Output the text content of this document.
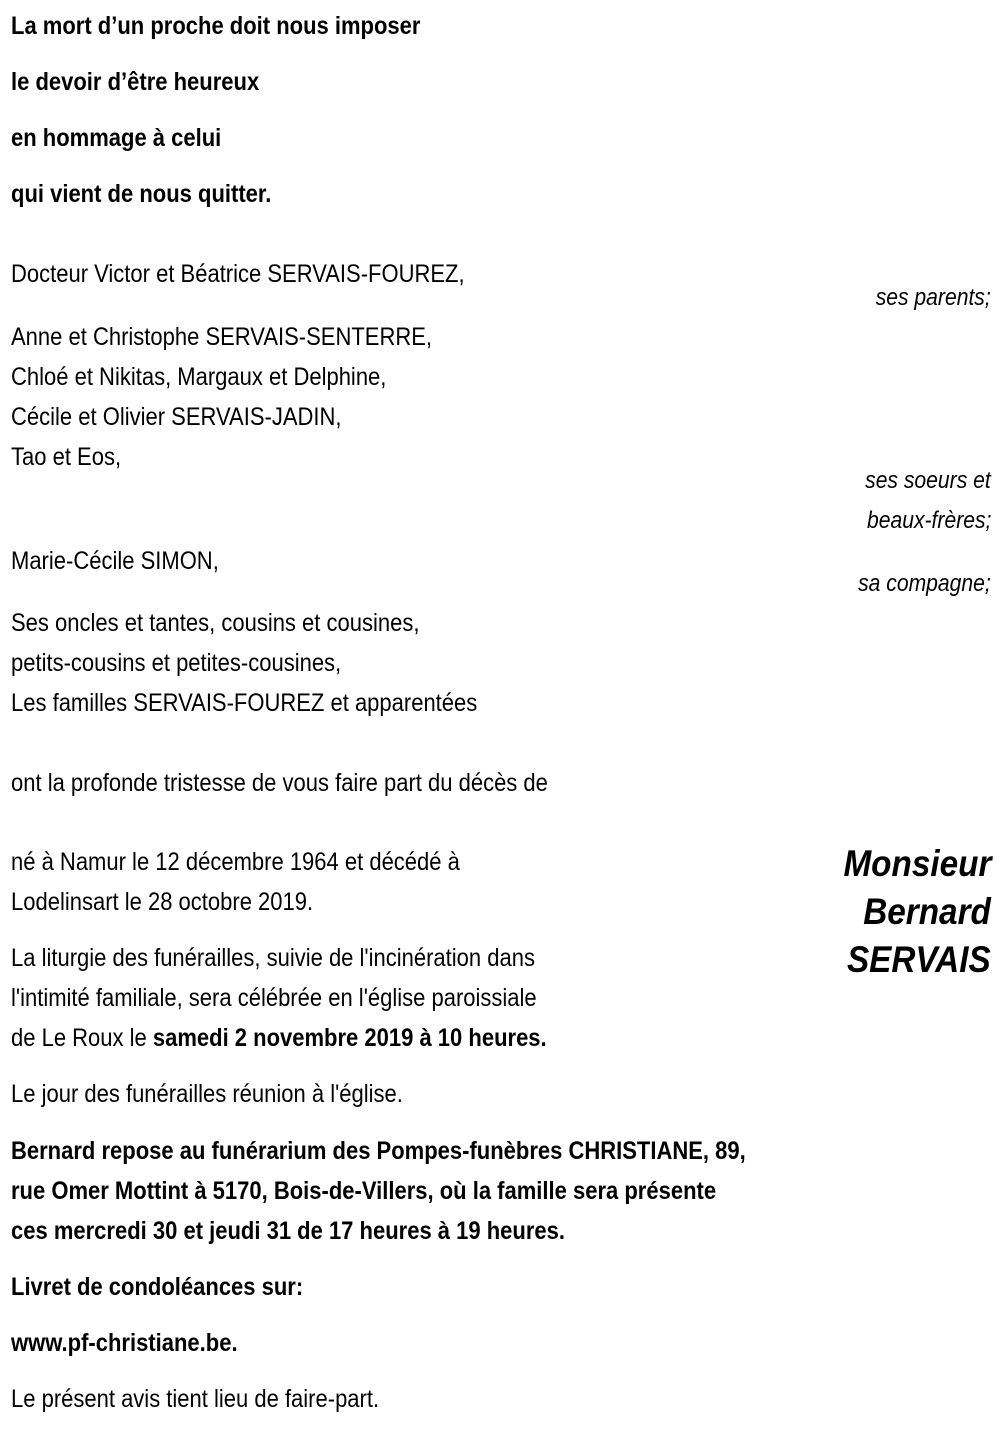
La mort d’un proche doit nous imposer
le devoir d’être heureux
en hommage à celui
qui vient de nous quitter.
Docteur Victor et Béatrice SERVAIS-FOUREZ,
ses parents;
Anne et Christophe SERVAIS-SENTERRE,
Chloé et Nikitas, Margaux et Delphine,
Cécile et Olivier SERVAIS-JADIN,
Tao et Eos,
ses soeurs et
beaux-frères;
Marie-Cécile SIMON,
sa compagne;
Ses oncles et tantes, cousins et cousines,
petits-cousins et petites-cousines,
Les familles SERVAIS-FOUREZ et apparentées
ont la profonde tristesse de vous faire part du décès de
Monsieur
Bernard
SERVAIS
né à Namur le 12 décembre 1964 et décédé à
Lodelinsart le 28 octobre 2019.
La liturgie des funérailles, suivie de l'incinération dans
l'intimité familiale, sera célébrée en l'église paroissiale
de Le Roux le samedi 2 novembre 2019 à 10 heures.
Le jour des funérailles réunion à l'église.
Bernard repose au funérarium des Pompes-funèbres CHRISTIANE, 89,
rue Omer Mottint à 5170, Bois-de-Villers, où la famille sera présente
ces mercredi 30 et jeudi 31 de 17 heures à 19 heures.
Livret de condoléances sur:
www.pf-christiane.be.
Le présent avis tient lieu de faire-part.
